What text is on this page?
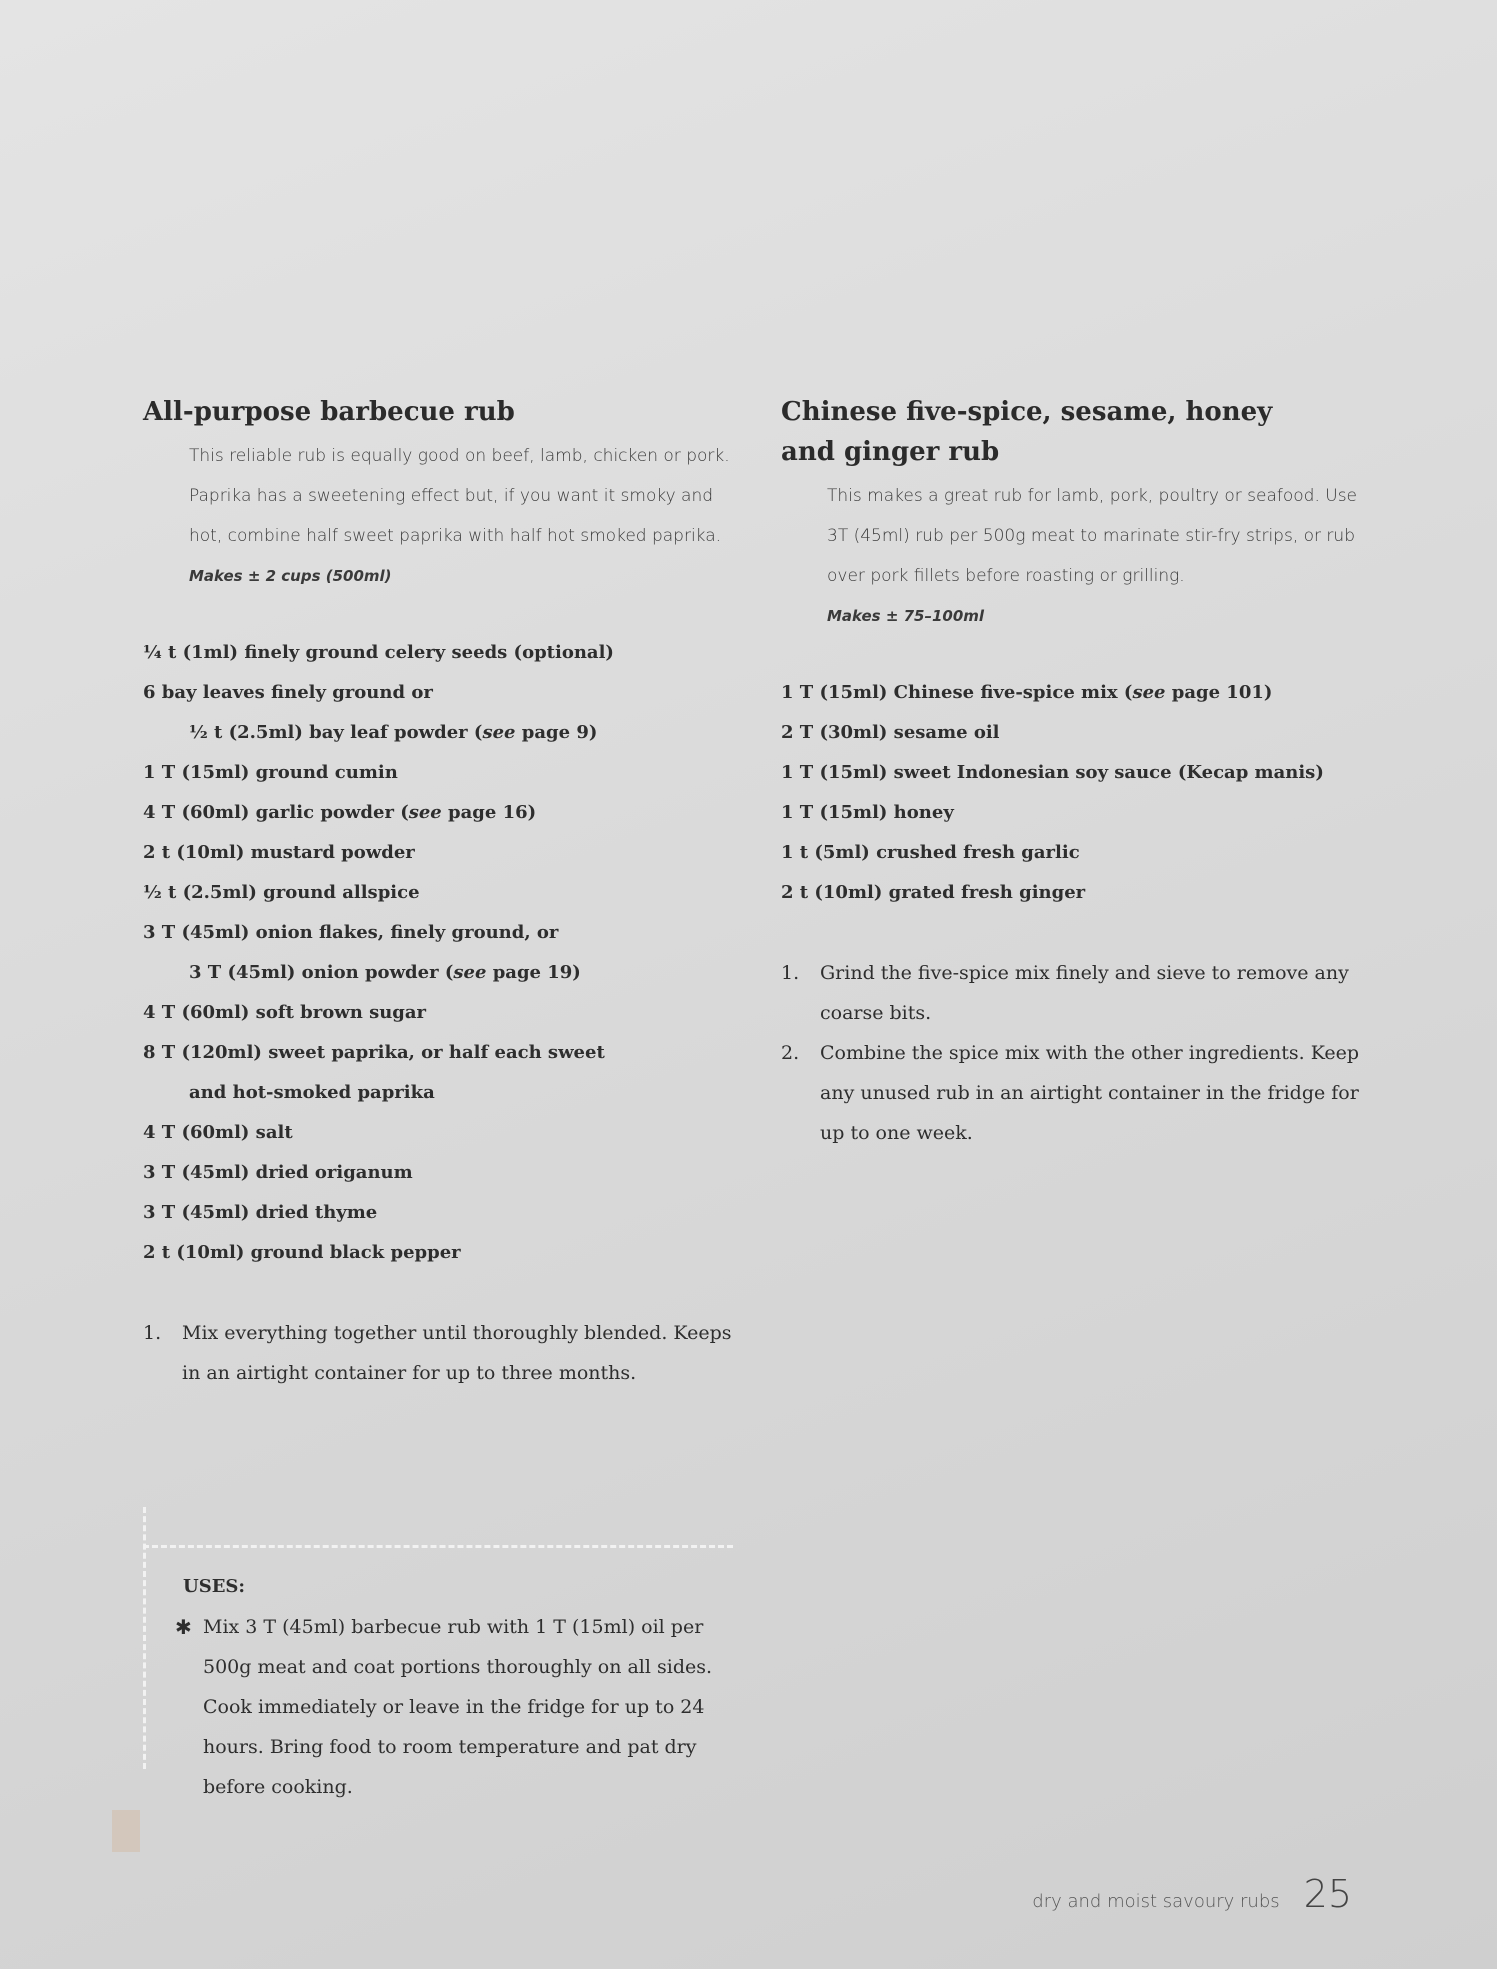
All-purpose barbecue rub

This reliable rub is equally good on beef, lamb, chicken or pork. Paprika has a sweetening effect but, if you want it smoky and hot, combine half sweet paprika with half hot smoked paprika.

Makes ± 2 cups (500ml)

¼ t (1ml) finely ground celery seeds (optional)
6 bay leaves finely ground or
½ t (2.5ml) bay leaf powder (see page 9)
1 T (15ml) ground cumin
4 T (60ml) garlic powder (see page 16)
2 t (10ml) mustard powder
½ t (2.5ml) ground allspice
3 T (45ml) onion flakes, finely ground, or
3 T (45ml) onion powder (see page 19)
4 T (60ml) soft brown sugar
8 T (120ml) sweet paprika, or half each sweet
and hot-smoked paprika
4 T (60ml) salt
3 T (45ml) dried origanum
3 T (45ml) dried thyme
2 t (10ml) ground black pepper
1.	Mix everything together until thoroughly blended. Keeps in an airtight container for up to three months.
USES:
✱ Mix 3 T (45ml) barbecue rub with 1 T (15ml) oil per 500g meat and coat portions thoroughly on all sides. Cook immediately or leave in the fridge for up to 24 hours. Bring food to room temperature and pat dry before cooking.
Chinese five-spice, sesame, honey
and ginger rub

This makes a great rub for lamb, pork, poultry or seafood. Use 3T (45ml) rub per 500g meat to marinate stir-fry strips, or rub over pork fillets before roasting or grilling.

Makes ± 75–100ml

1 T (15ml) Chinese five-spice mix (see page 101)
2 T (30ml) sesame oil
1 T (15ml) sweet Indonesian soy sauce (Kecap manis)
1 T (15ml) honey
1 t (5ml) crushed fresh garlic
2 t (10ml) grated fresh ginger
1.	Grind the five-spice mix finely and sieve to remove any coarse bits.
2.	Combine the spice mix with the other ingredients. Keep any unused rub in an airtight container in the fridge for up to one week.
dry and moist savoury rubs 25
